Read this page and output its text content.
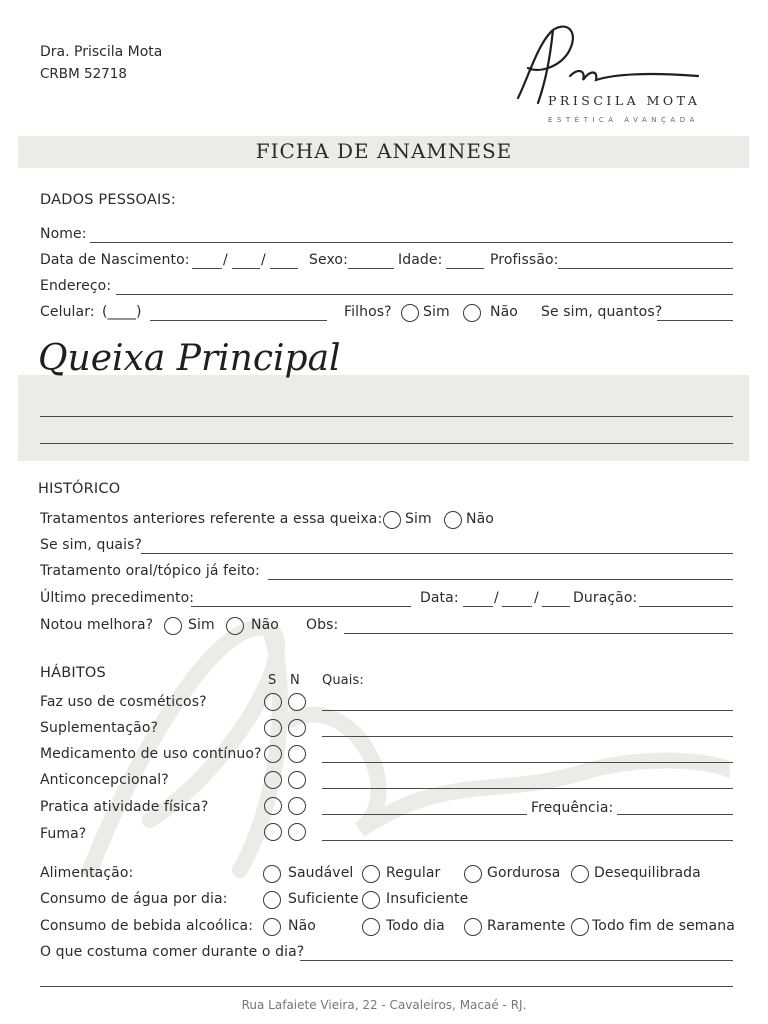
Dra. Priscila Mota
CRBM 52718
PRISCILA MOTA
ESTÉTICA AVANÇADA
FICHA DE ANAMNESE
DADOS PESSOAIS:
Nome:
Data de Nascimento: / /	Sexo:	Idade:	Profissão:
Endereço:
Celular: (____)	Filhos? Sim	Não Se sim, quantos?
Queixa Principal
HISTÓRICO
Tratamentos anteriores referente a essa queixa: Sim Não
Se sim, quais?
Tratamento oral/tópico já feito:
Último precedimento:	Data:	/	/ Duração:
Notou melhora? Sim	Não Obs:
HÁBITOS	S N Quais:
Faz uso de cosméticos?
Suplementação?
Medicamento de uso contínuo?
Anticoncepcional?
Pratica atividade física?	Frequência:
Fuma?
Alimentação:	Saudável Regular	Gordurosa Desequilibrada
Consumo de água por dia:	Suficiente Insuficiente
Consumo de bebida alcoólica: Não	Todo dia	Raramente Todo fim de semana
O que costuma comer durante o dia?
Rua Lafaiete Vieira, 22 - Cavaleiros, Macaé - RJ.
